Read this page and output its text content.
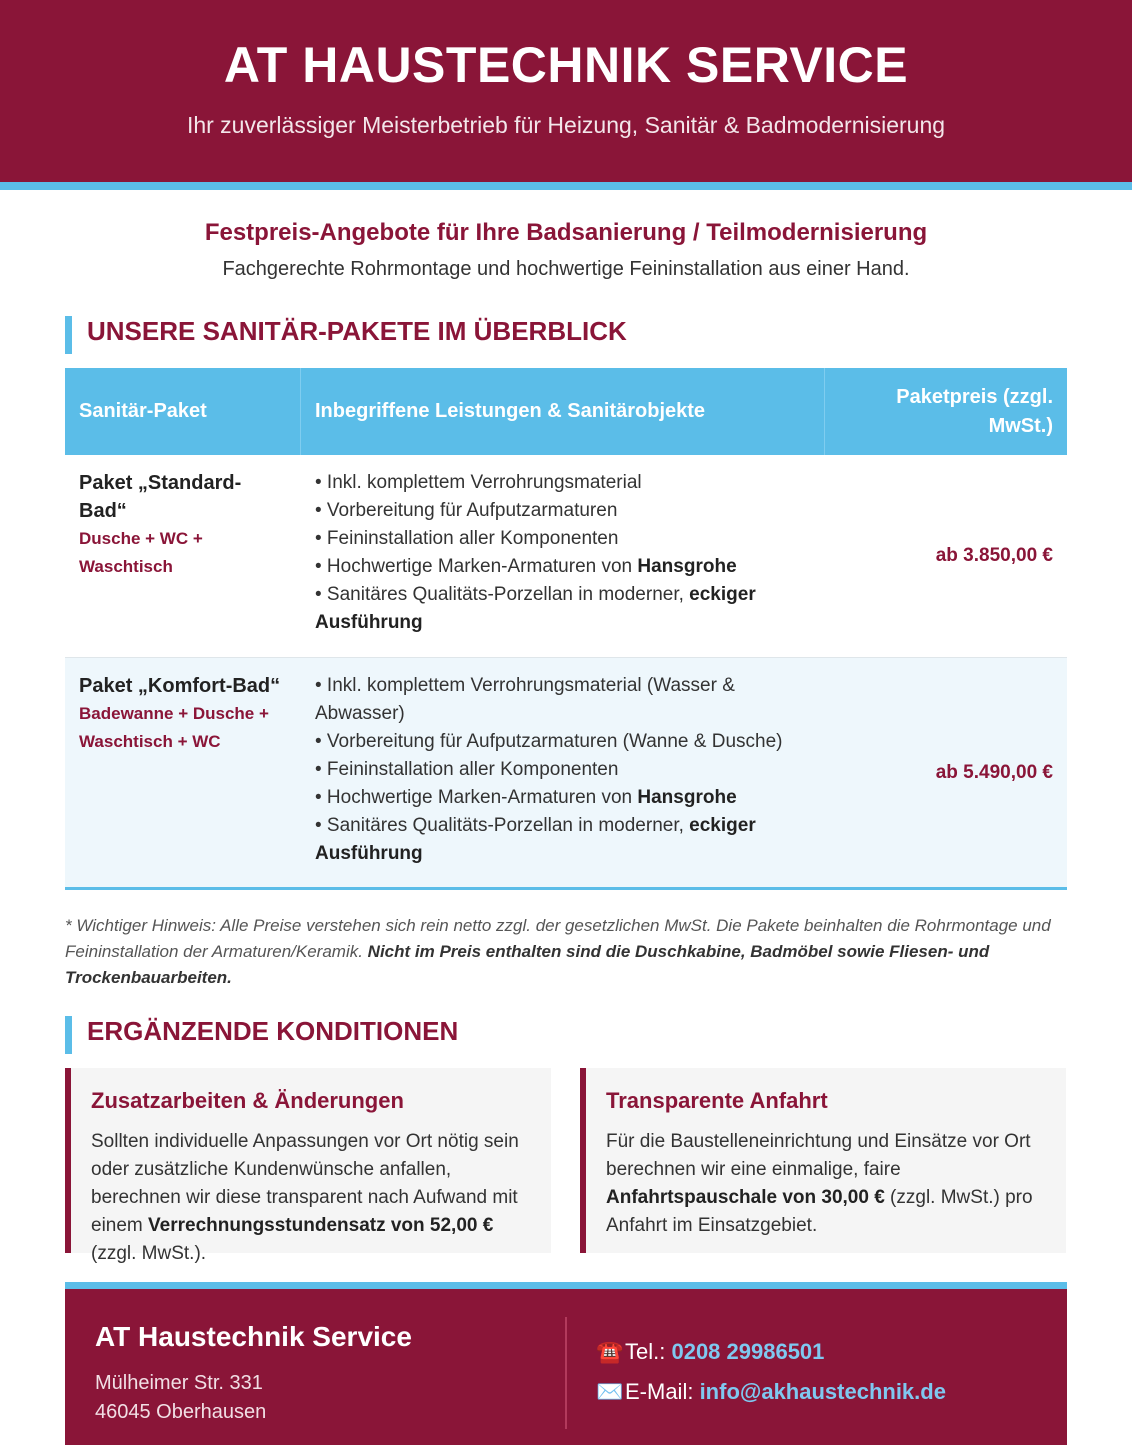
AT HAUSTECHNIK SERVICE
Ihr zuverlässiger Meisterbetrieb für Heizung, Sanitär & Badmodernisierung
Festpreis-Angebote für Ihre Badsanierung / Teilmodernisierung
Fachgerechte Rohrmontage und hochwertige Feininstallation aus einer Hand.
UNSERE SANITÄR-PAKETE IM ÜBERBLICK
Sanitär-Paket	Inbegriffene Leistungen & Sanitärobjekte
Paketpreis (zzgl. MwSt.)
Paket „Standard-Bad“
Dusche + WC + Waschtisch
• Inkl. komplettem Verrohrungsmaterial
• Vorbereitung für Aufputzarmaturen
• Feininstallation aller Komponenten
• Hochwertige Marken-Armaturen von Hansgrohe
• Sanitäres Qualitäts-Porzellan in moderner, eckiger Ausführung
ab 3.850,00 €
Paket „Komfort-Bad“
Badewanne + Dusche + Waschtisch + WC
• Inkl. komplettem Verrohrungsmaterial (Wasser & Abwasser)
• Vorbereitung für Aufputzarmaturen (Wanne & Dusche)
• Feininstallation aller Komponenten
• Hochwertige Marken-Armaturen von Hansgrohe
• Sanitäres Qualitäts-Porzellan in moderner, eckiger Ausführung
ab 5.490,00 €
* Wichtiger Hinweis: Alle Preise verstehen sich rein netto zzgl. der gesetzlichen MwSt. Die Pakete beinhalten die Rohrmontage und Feininstallation der Armaturen/Keramik. Nicht im Preis enthalten sind die Duschkabine, Badmöbel sowie Fliesen- und Trockenbauarbeiten.
ERGÄNZENDE KONDITIONEN
Zusatzarbeiten & Änderungen
Sollten individuelle Anpassungen vor Ort nötig sein oder zusätzliche Kundenwünsche anfallen, berechnen wir diese transparent nach Aufwand mit einem Verrechnungsstundensatz von 52,00 € (zzgl. MwSt.).
Transparente Anfahrt
Für die Baustelleneinrichtung und Einsätze vor Ort berechnen wir eine einmalige, faire Anfahrtspauschale von 30,00 € (zzgl. MwSt.) pro Anfahrt im Einsatzgebiet.
AT Haustechnik Service
Mülheimer Str. 331
46045 Oberhausen
☎️Tel.: 0208 29986501
✉️E-Mail: info@akhaustechnik.de
